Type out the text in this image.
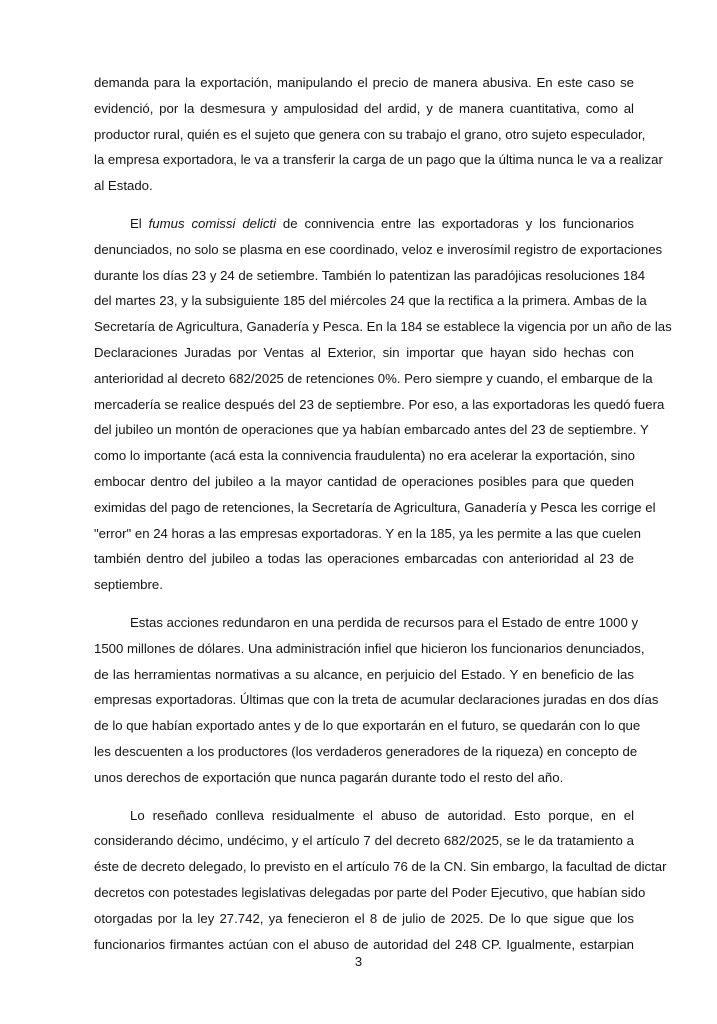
demanda para la exportación, manipulando el precio de manera abusiva. En este caso se
evidenció, por la desmesura y ampulosidad del ardid, y de manera cuantitativa, como al
productor rural, quién es el sujeto que genera con su trabajo el grano, otro sujeto especulador,
la empresa exportadora, le va a transferir la carga de un pago que la última nunca le va a realizar
al Estado.
El fumus comissi delicti de connivencia entre las exportadoras y los funcionarios
denunciados, no solo se plasma en ese coordinado, veloz e inverosímil registro de exportaciones
durante los días 23 y 24 de setiembre. También lo patentizan las paradójicas resoluciones 184
del martes 23, y la subsiguiente 185 del miércoles 24 que la rectifica a la primera. Ambas de la
Secretaría de Agricultura, Ganadería y Pesca. En la 184 se establece la vigencia por un año de las
Declaraciones Juradas por Ventas al Exterior, sin importar que hayan sido hechas con
anterioridad al decreto 682/2025 de retenciones 0%. Pero siempre y cuando, el embarque de la
mercadería se realice después del 23 de septiembre. Por eso, a las exportadoras les quedó fuera
del jubileo un montón de operaciones que ya habían embarcado antes del 23 de septiembre. Y
como lo importante (acá esta la connivencia fraudulenta) no era acelerar la exportación, sino
embocar dentro del jubileo a la mayor cantidad de operaciones posibles para que queden
eximidas del pago de retenciones, la Secretaría de Agricultura, Ganadería y Pesca les corrige el
"error" en 24 horas a las empresas exportadoras. Y en la 185, ya les permite a las que cuelen
también dentro del jubileo a todas las operaciones embarcadas con anterioridad al 23 de
septiembre.
Estas acciones redundaron en una perdida de recursos para el Estado de entre 1000 y
1500 millones de dólares. Una administración infiel que hicieron los funcionarios denunciados,
de las herramientas normativas a su alcance, en perjuicio del Estado. Y en beneficio de las
empresas exportadoras. Últimas que con la treta de acumular declaraciones juradas en dos días
de lo que habían exportado antes y de lo que exportarán en el futuro, se quedarán con lo que
les descuenten a los productores (los verdaderos generadores de la riqueza) en concepto de
unos derechos de exportación que nunca pagarán durante todo el resto del año.
Lo reseñado conlleva residualmente el abuso de autoridad. Esto porque, en el
considerando décimo, undécimo, y el artículo 7 del decreto 682/2025, se le da tratamiento a
éste de decreto delegado, lo previsto en el artículo 76 de la CN. Sin embargo, la facultad de dictar
decretos con potestades legislativas delegadas por parte del Poder Ejecutivo, que habían sido
otorgadas por la ley 27.742, ya fenecieron el 8 de julio de 2025. De lo que sigue que los
funcionarios firmantes actúan con el abuso de autoridad del 248 CP. Igualmente, estarpian
3
